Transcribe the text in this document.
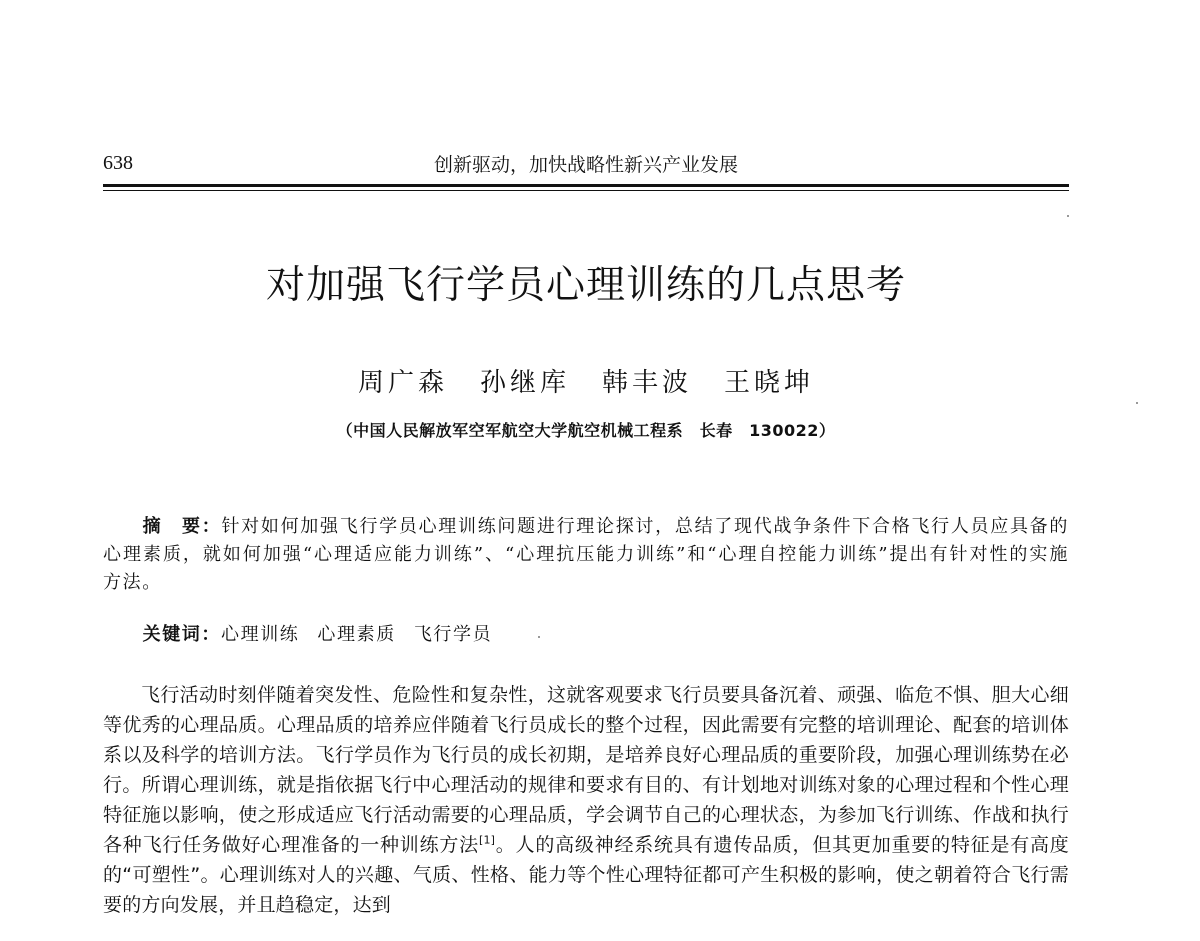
638	创新驱动，加快战略性新兴产业发展
对加强飞行学员心理训练的几点思考
周广森 孙继库 韩丰波 王晓坤
（中国人民解放军空军航空大学航空机械工程系　长春　130022）

摘　要：针对如何加强飞行学员心理训练问题进行理论探讨，总结了现代战争条件下合格飞行人员应具备的心理素质，就如何加强“心理适应能力训练”、“心理抗压能力训练”和“心理自控能力训练”提出有针对性的实施方法。

关键词：心理训练 心理素质 飞行学员

飞行活动时刻伴随着突发性、危险性和复杂性，这就客观要求飞行员要具备沉着、顽强、临危不惧、胆大心细等优秀的心理品质。心理品质的培养应伴随着飞行员成长的整个过程，因此需要有完整的培训理论、配套的培训体系以及科学的培训方法。飞行学员作为飞行员的成长初期，是培养良好心理品质的重要阶段，加强心理训练势在必行。所谓心理训练，就是指依据飞行中心理活动的规律和要求有目的、有计划地对训练对象的心理过程和个性心理特征施以影响，使之形成适应飞行活动需要的心理品质，学会调节自己的心理状态，为参加飞行训练、作战和执行各种飞行任务做好心理准备的一种训练方法[1]。人的高级神经系统具有遗传品质，但其更加重要的特征是有高度的“可塑性”。心理训练对人的兴趣、气质、性格、能力等个性心理特征都可产生积极的影响，使之朝着符合飞行需要的方向发展，并且趋稳定，达到
